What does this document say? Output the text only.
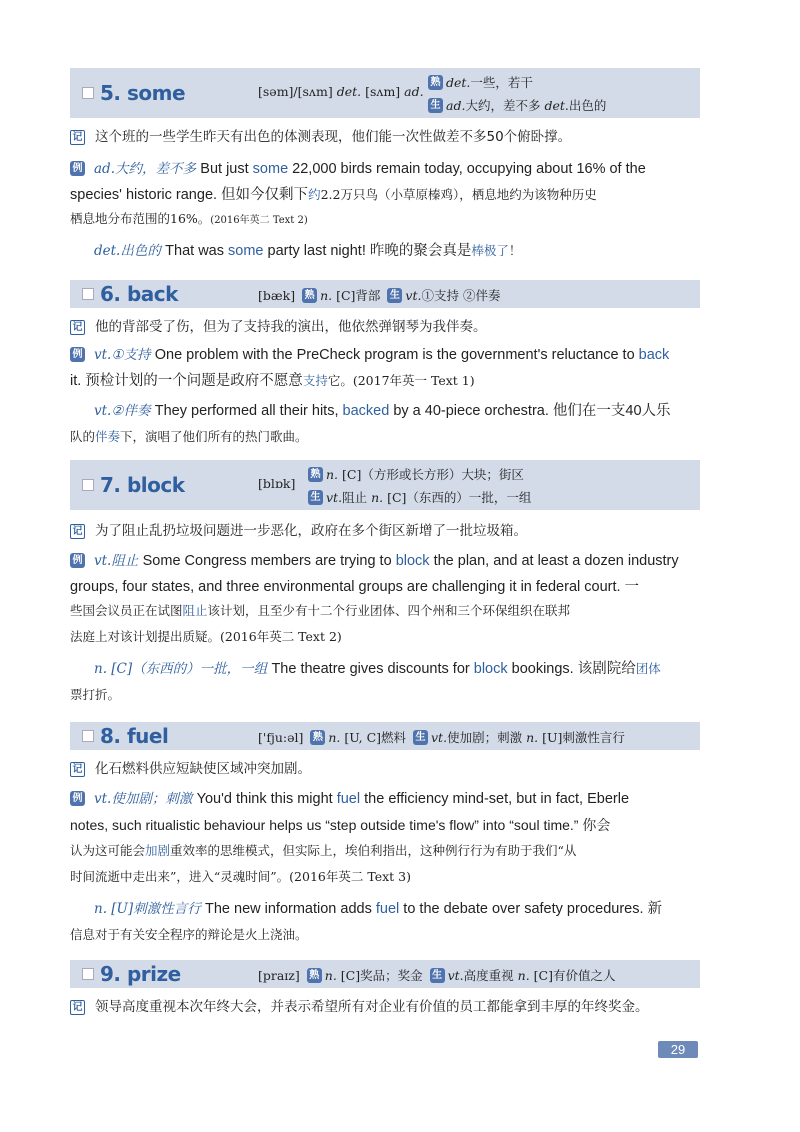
5. some	[səm]/[sʌm]
det.
[sʌm]
ad.
熟 det. 一些，若干
生 ad. 大约，差不多
det. 出色的
记 这个班的一些学生昨天有出色的体测表现，他们能一次性做差不多50个俯卧撑。
例 ad.大约，差不多 But just some 22,000 birds remain today, occupying about 16% of the
species' historic range. 但如今仅剩下约2.2万只鸟（小草原榛鸡），栖息地约为该物种历史
栖息地分布范围的16%。(2016年英二 Text 2)
det.出色的 That was some party last night! 昨晚的聚会真是棒极了！
6. back	[bæk]
熟 n.
[C]背部
生 vt. ①支持 ②伴奏
记 他的背部受了伤，但为了支持我的演出，他依然弹钢琴为我伴奏。
例 vt.①支持 One problem with the PreCheck program is the government's reluctance to back
it. 预检计划的一个问题是政府不愿意支持它。(2017年英一 Text 1)
vt.②伴奏 They performed all their hits, backed by a 40-piece orchestra. 他们在一支40人乐
队的伴奏下，演唱了他们所有的热门歌曲。
7. block	[blɒk]
熟 n.
[C]（方形或长方形）大块；街区
生 vt. 阻止
n.
[C]（东西的）一批，一组
记 为了阻止乱扔垃圾问题进一步恶化，政府在多个街区新增了一批垃圾箱。
例 vt.阻止 Some Congress members are trying to block the plan, and at least a dozen industry
groups, four states, and three environmental groups are challenging it in federal court. 一
些国会议员正在试图阻止该计划，且至少有十二个行业团体、四个州和三个环保组织在联邦
法庭上对该计划提出质疑。(2016年英二 Text 2)
n. [C]（东西的）一批，一组 The theatre gives discounts for block bookings. 该剧院给团体
票打折。
8. fuel	['fju:əl]
熟 n.
[U, C]燃料
生 vt. 使加剧；刺激
n.
[U]刺激性言行
记 化石燃料供应短缺使区域冲突加剧。
例 vt.使加剧；刺激 You'd think this might fuel the efficiency mind-set, but in fact, Eberle
notes, such ritualistic behaviour helps us “step outside time's flow” into “soul time.” 你会
认为这可能会加剧重效率的思维模式，但实际上，埃伯利指出，这种例行行为有助于我们“从
时间流逝中走出来”，进入“灵魂时间”。(2016年英二 Text 3)
n. [U]刺激性言行 The new information adds fuel to the debate over safety procedures. 新
信息对于有关安全程序的辩论是火上浇油。
9. prize	[praɪz]
熟 n.
[C]奖品；奖金
生 vt. 高度重视
n.
[C]有价值之人
记 领导高度重视本次年终大会，并表示希望所有对企业有价值的员工都能拿到丰厚的年终奖金。
29
